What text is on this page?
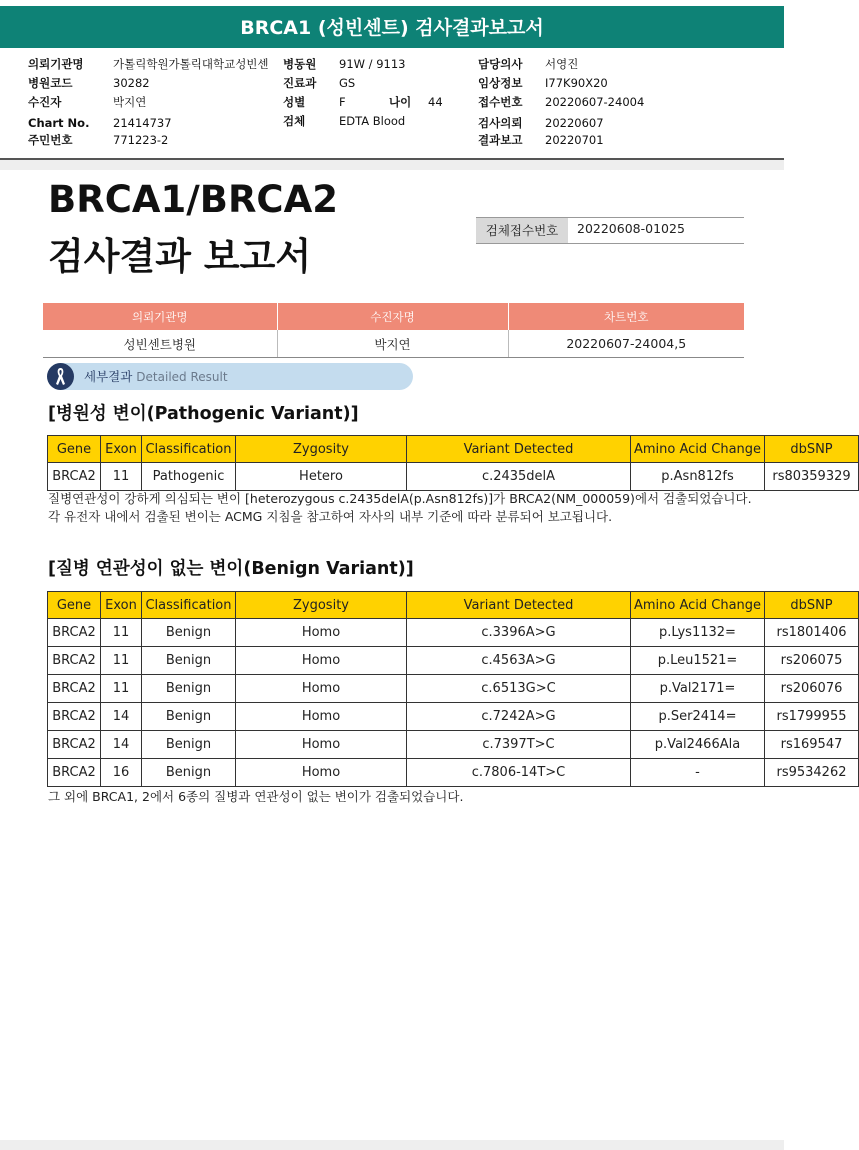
BRCA1 (성빈센트) 검사결과보고서
의뢰기관명	가톨릭학원가톨릭대학교성빈센	병동원 91W / 9113	담당의사 서영진
병원코드	30282	진료과 GS	임상정보 I77K90X20
수진자	박지연	성별	F	나이 44	접수번호 20220607-24004
Chart No. 21414737	검체	EDTA Blood	검사의뢰 20220607
주민번호	771223-2	결과보고 20220701
BRCA1/BRCA2
검사결과 보고서
검체접수번호	20220608-01025
의뢰기관명	수진자명	차트번호
성빈센트병원	박지연	20220607-24004,5
세부결과 Detailed Result
[병원성 변이(Pathogenic Variant)]
Gene	Exon	Classification	Zygosity	Variant Detected	Amino Acid Change	dbSNP
BRCA2	11	Pathogenic	Hetero	c.2435delA	p.Asn812fs	rs80359329
질병연관성이 강하게 의심되는 변이 [heterozygous c.2435delA(p.Asn812fs)]가 BRCA2(NM_000059)에서 검출되었습니다.
각 유전자 내에서 검출된 변이는 ACMG 지침을 참고하여 자사의 내부 기준에 따라 분류되어 보고됩니다.
[질병 연관성이 없는 변이(Benign Variant)]
Gene	Exon	Classification	Zygosity	Variant Detected	Amino Acid Change	dbSNP
BRCA2	11	Benign	Homo	c.3396A>G	p.Lys1132=	rs1801406
BRCA2	11	Benign	Homo	c.4563A>G	p.Leu1521=	rs206075
BRCA2	11	Benign	Homo	c.6513G>C	p.Val2171=	rs206076
BRCA2	14	Benign	Homo	c.7242A>G	p.Ser2414=	rs1799955
BRCA2	14	Benign	Homo	c.7397T>C	p.Val2466Ala	rs169547
BRCA2	16	Benign	Homo	c.7806-14T>C	-	rs9534262
그 외에 BRCA1, 2에서 6종의 질병과 연관성이 없는 변이가 검출되었습니다.
